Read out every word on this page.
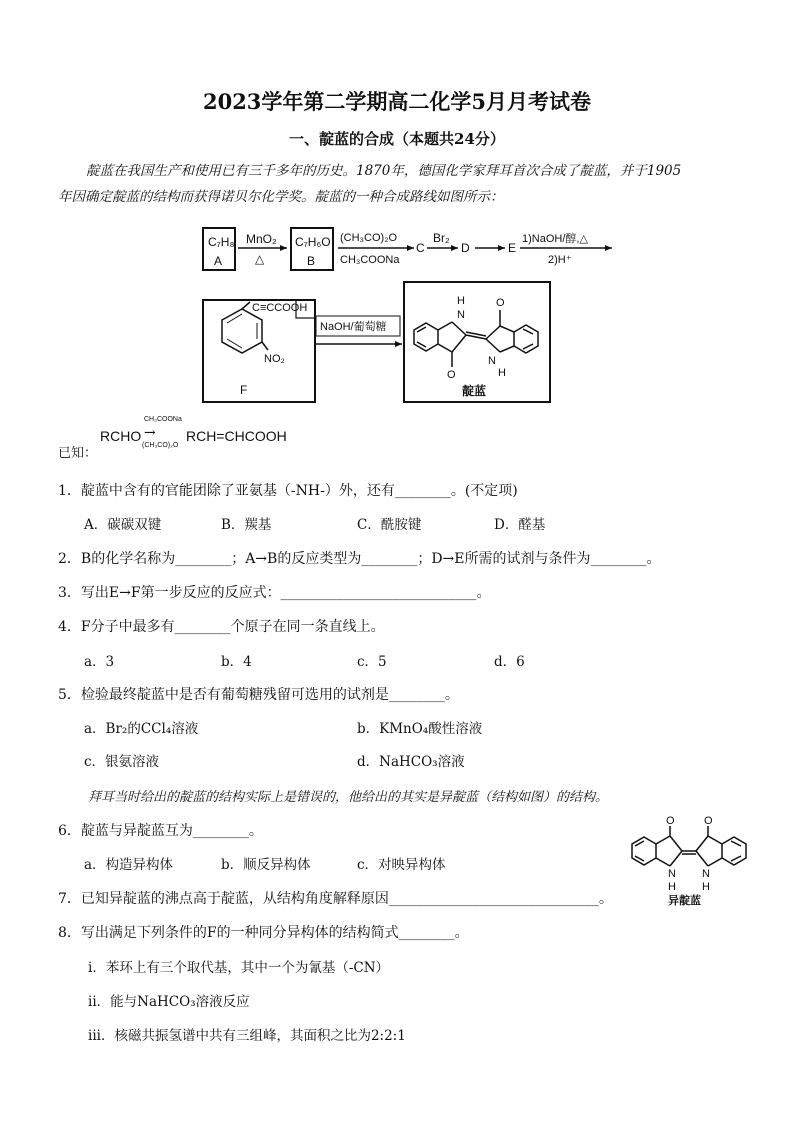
2023学年第二学期高二化学5月月考试卷
一、靛蓝的合成（本题共24分）
靛蓝在我国生产和使用已有三千多年的历史。1870年，德国化学家拜耳首次合成了靛蓝，并于1905
年因确定靛蓝的结构而获得诺贝尔化学奖。靛蓝的一种合成路线如图所示：
C₇H₈
A
MnO₂
△
C₇H₆O
B
(CH₃CO)₂O
CH₃COONa
C
Br₂
D	E
1)NaOH/醇,△
2)H⁺
C≡CCOOH
NO₂
F
NaOH/葡萄糖
H
N
O
O
N
H
靛蓝
已知：
RCHO
CH₃COONa
→
(CH₃CO)₂O
RCH=CHCOOH
1．靛蓝中含有的官能团除了亚氨基（-NH-）外，还有________。(不定项)
A．碳碳双键	B．羰基	C．酰胺键	D．醛基
2．B的化学名称为________；A→B的反应类型为________；D→E所需的试剂与条件为________。
3．写出E→F第一步反应的反应式：____________________________。
4．F分子中最多有________个原子在同一条直线上。
a．3	b．4	c．5	d．6
5．检验最终靛蓝中是否有葡萄糖残留可选用的试剂是________。
a．Br₂的CCl₄溶液	b．KMnO₄酸性溶液
c．银氨溶液	d．NaHCO₃溶液
拜耳当时给出的靛蓝的结构实际上是错误的，他给出的其实是异靛蓝（结构如图）的结构。
6．靛蓝与异靛蓝互为________。
a．构造异构体	b．顺反异构体	c．对映异构体
O	O
N N
H H
异靛蓝
7．已知异靛蓝的沸点高于靛蓝，从结构角度解释原因______________________________。
8．写出满足下列条件的F的一种同分异构体的结构简式________。
i．苯环上有三个取代基，其中一个为氰基（-CN）
ii．能与NaHCO₃溶液反应
iii．核磁共振氢谱中共有三组峰，其面积之比为2:2:1
